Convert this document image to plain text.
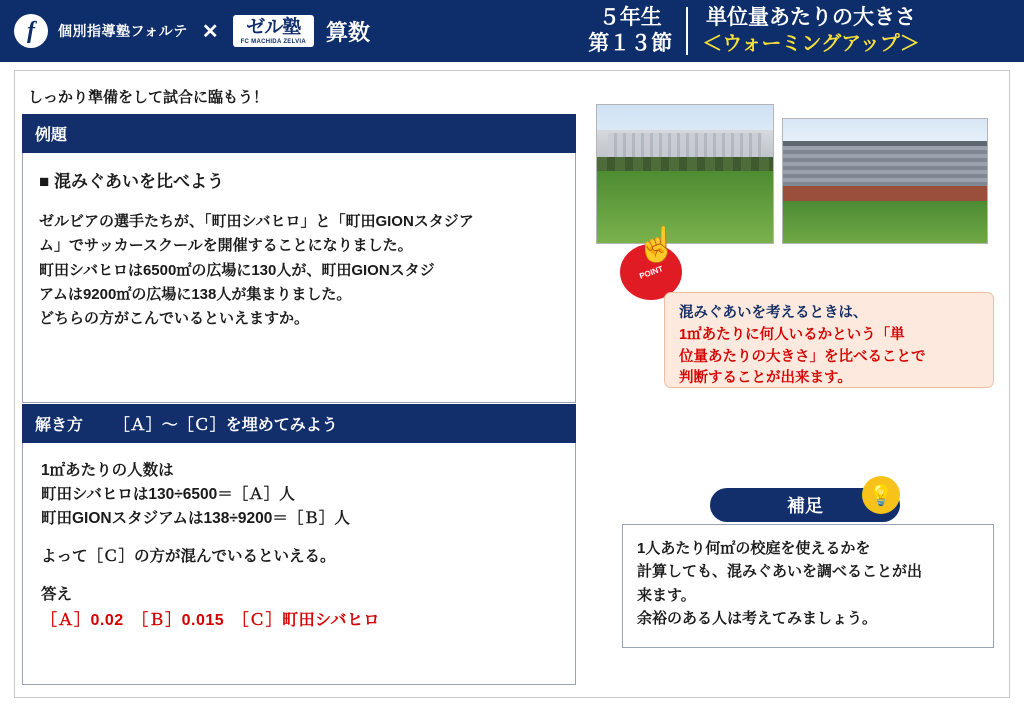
f	個別指導塾フォルテ ✕ ゼル塾
FC MACHIDA ZELVIA 算数
５年生
第１３節
単位量あたりの大きさ
＜ウォーミングアップ＞
しっかり準備をして試合に臨もう！
例題
■ 混みぐあいを比べよう
ゼルビアの選手たちが、「町田シバヒロ」と「町田GIONスタジア
ム」でサッカースクールを開催することになりました。
町田シバヒロは6500㎡の広場に130人が、町田GIONスタジ
アムは9200㎡の広場に138人が集まりました。
どちらの方がこんでいるといえますか。
解き方 ［Ａ］～［Ｃ］を埋めてみよう
1㎡あたりの人数は
町田シバヒロは130÷6500＝［Ａ］人
町田GIONスタジアムは138÷9200＝［Ｂ］人
よって［Ｃ］の方が混んでいるといえる。
答え
［Ａ］0.02　［Ｂ］0.015　［Ｃ］町田シバヒロ
POINT
☝
混みぐあいを考えるときは、
1㎡あたりに何人いるかという「単
位量あたりの大きさ」を比べることで
判断することが出来ます。
補足	💡
1人あたり何㎡の校庭を使えるかを
計算しても、混みぐあいを調べることが出
来ます。
余裕のある人は考えてみましょう。
